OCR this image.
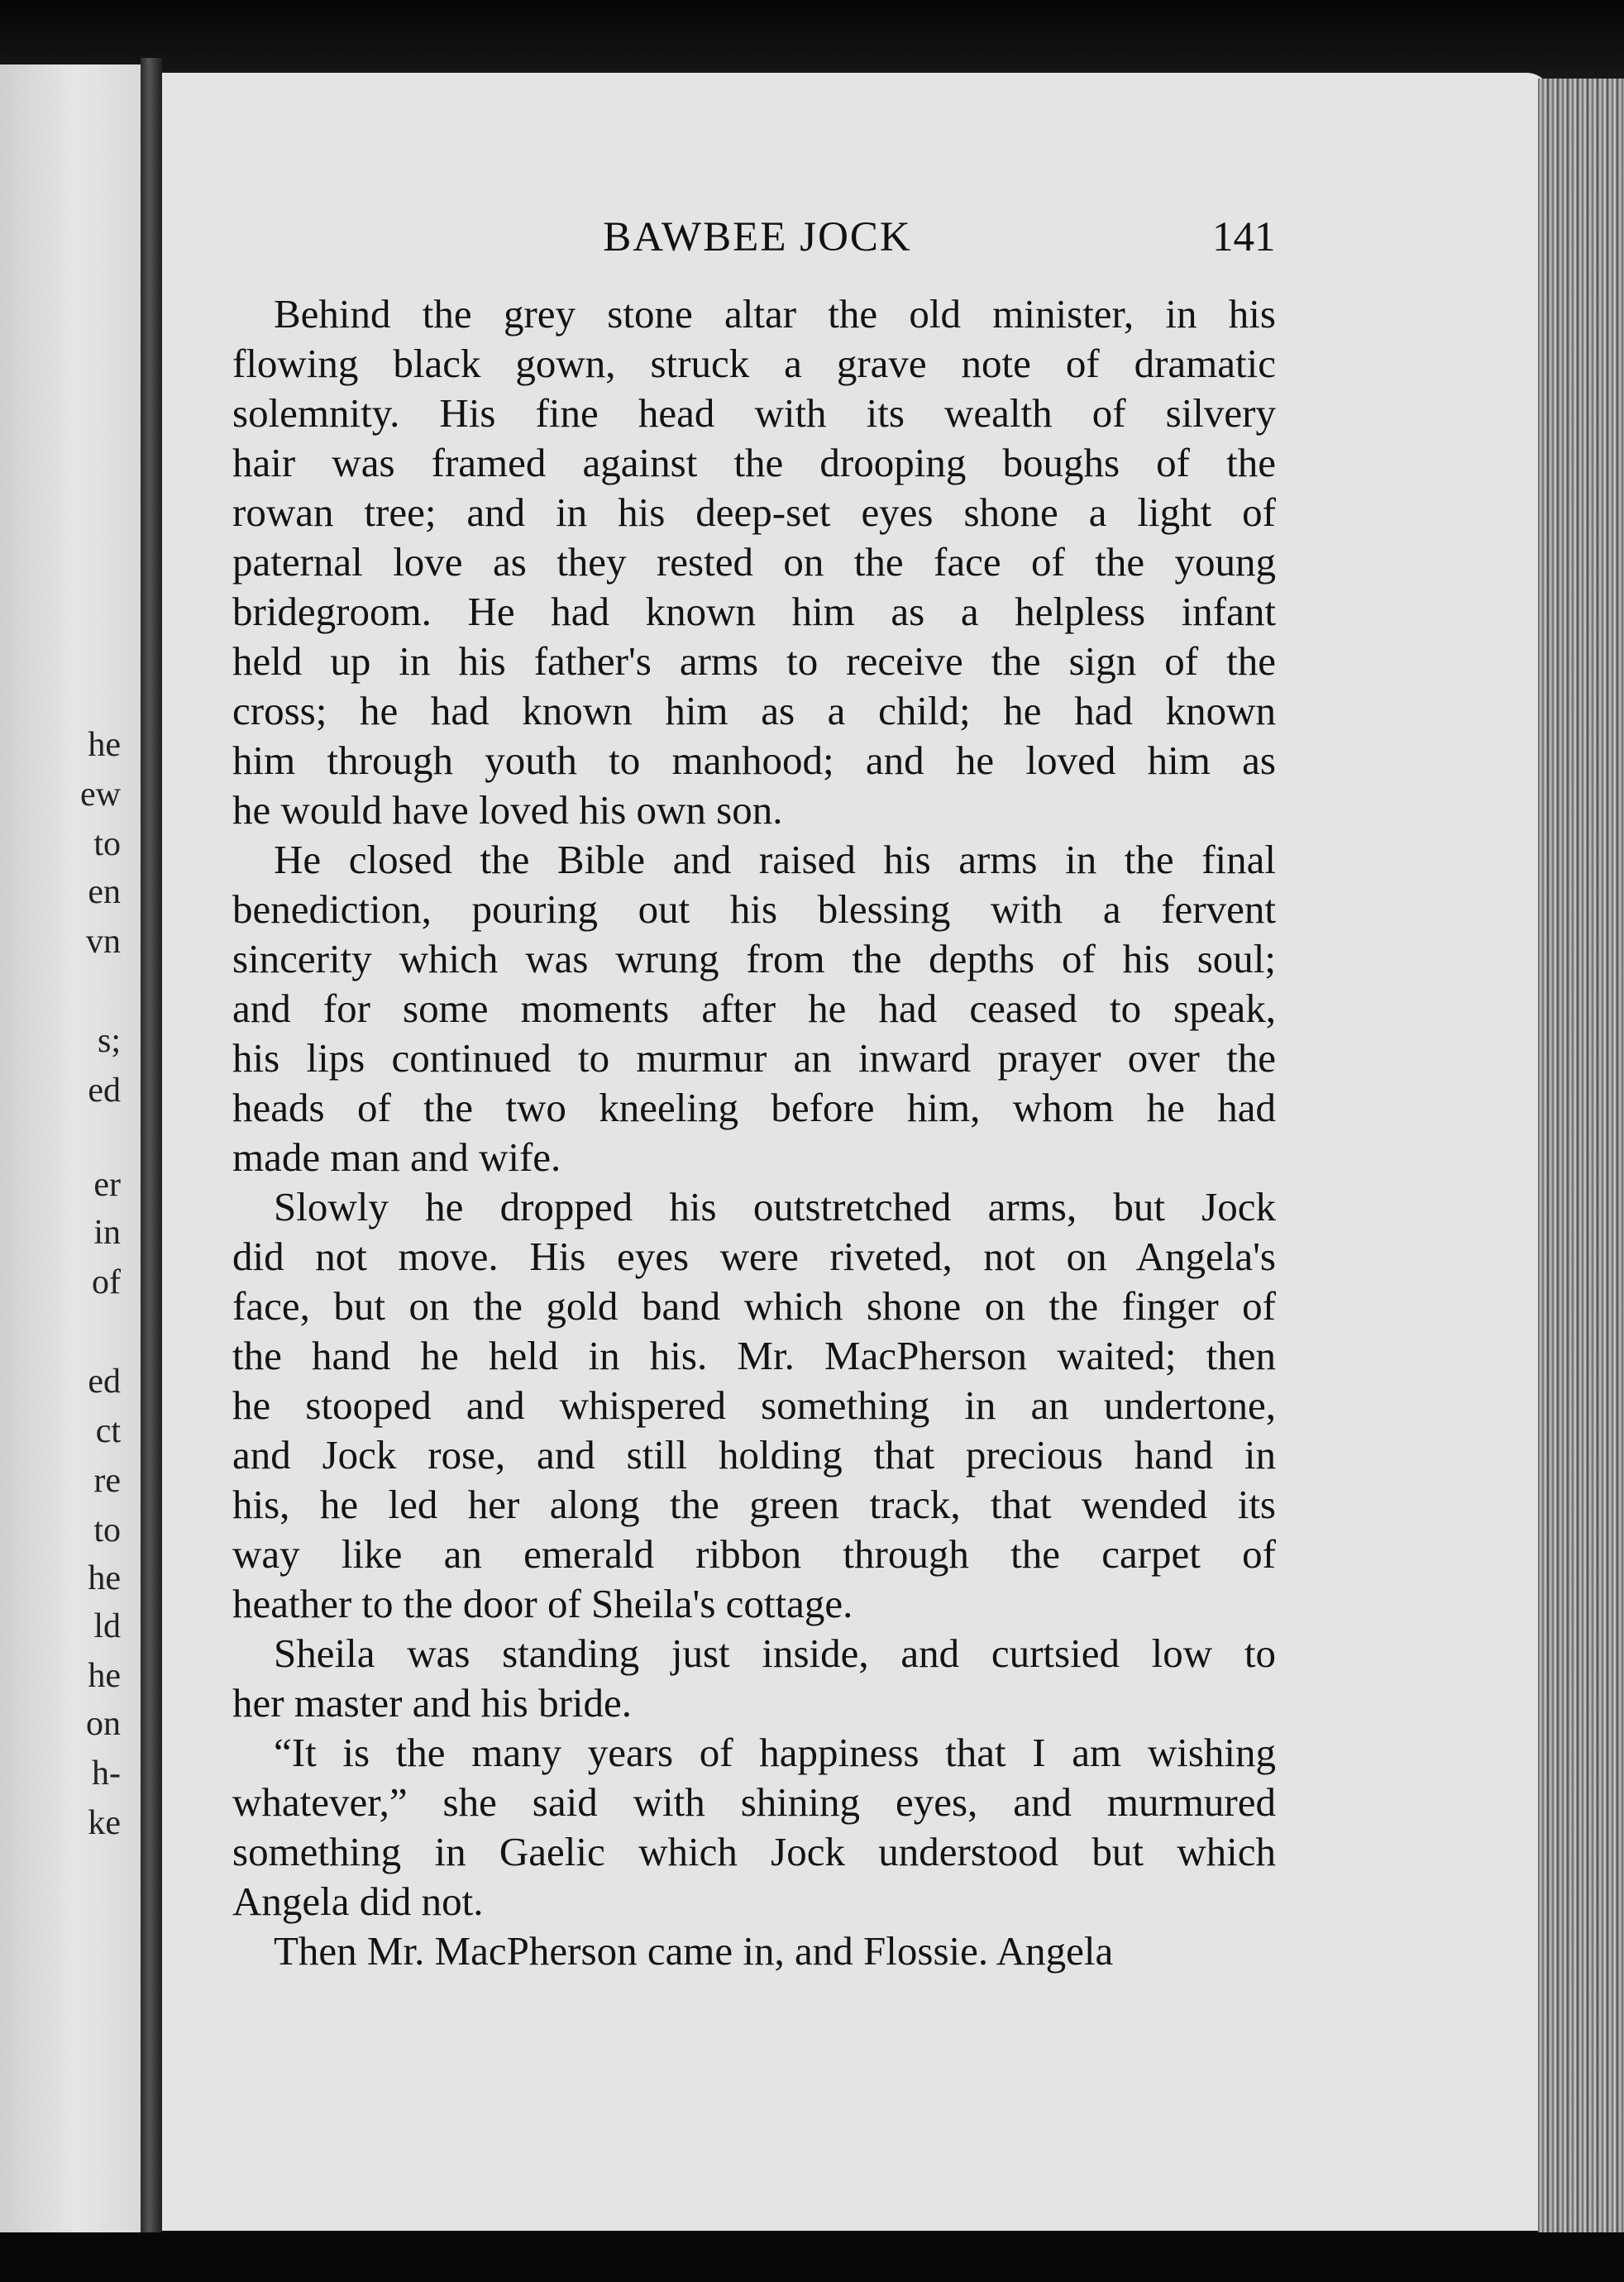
he
ew
to
en
vn
s;
ed
er
in
of
ed
ct
re
to
he
ld
he
on
h-
ke
BAWBEE JOCK	141
Behind the grey stone altar the old minister, in his
flowing black gown, struck a grave note of dramatic
solemnity. His fine head with its wealth of silvery
hair was framed against the drooping boughs of the
rowan tree; and in his deep-set eyes shone a light of
paternal love as they rested on the face of the young
bridegroom. He had known him as a helpless infant
held up in his father's arms to receive the sign of the
cross; he had known him as a child; he had known
him through youth to manhood; and he loved him as
he would have loved his own son.
He closed the Bible and raised his arms in the final
benediction, pouring out his blessing with a fervent
sincerity which was wrung from the depths of his soul;
and for some moments after he had ceased to speak,
his lips continued to murmur an inward prayer over the
heads of the two kneeling before him, whom he had
made man and wife.
Slowly he dropped his outstretched arms, but Jock
did not move. His eyes were riveted, not on Angela's
face, but on the gold band which shone on the finger of
the hand he held in his. Mr. MacPherson waited; then
he stooped and whispered something in an undertone,
and Jock rose, and still holding that precious hand in
his, he led her along the green track, that wended its
way like an emerald ribbon through the carpet of
heather to the door of Sheila's cottage.
Sheila was standing just inside, and curtsied low to
her master and his bride.
“It is the many years of happiness that I am wishing
whatever,” she said with shining eyes, and murmured
something in Gaelic which Jock understood but which
Angela did not.
Then Mr. MacPherson came in, and Flossie. Angela
